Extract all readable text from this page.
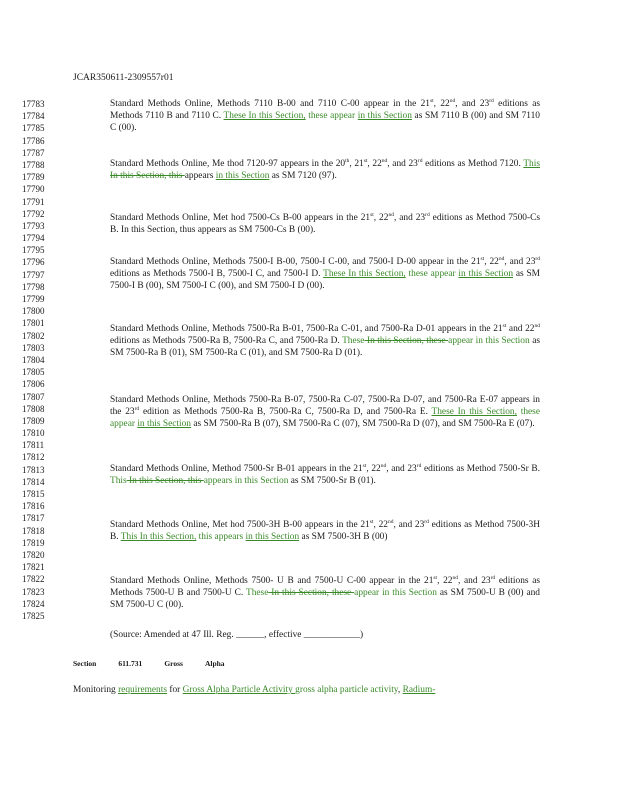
JCAR350611-2309557r01
17783
17784
17785
17786
17787
17788
17789
17790
17791
17792
17793
17794
17795
17796
17797
17798
17799
17800
17801
17802
17803
17804
17805
17806
17807
17808
17809
17810
17811
17812
17813
17814
17815
17816
17817
17818
17819
17820
17821
17822
17823
17824
17825
Standard Methods Online, Methods 7110 B-00 and 7110 C-00 appear in the 21st, 22nd, and 23rd editions as Methods 7110 B and 7110 C. These In this Section, these appear in this Section as SM 7110 B (00) and SM 7110 C (00).
Standard Methods Online, Me thod 7120-97 appears in the 20th, 21st, 22nd, and 23rd editions as Method 7120. This In this Section, this appears in this Section as SM 7120 (97).
Standard Methods Online, Met hod 7500-Cs B-00 appears in the 21st, 22nd, and 23rd editions as Method 7500-Cs B. In this Section, thus appears as SM 7500-Cs B (00).
Standard Methods Online, Methods 7500-I B-00, 7500-I C-00, and 7500-I D-00 appear in the 21st, 22nd, and 23rd editions as Methods 7500-I B, 7500-I C, and 7500-I D. These In this Section, these appear in this Section as SM 7500-I B (00), SM 7500-I C (00), and SM 7500-I D (00).
Standard Methods Online, Methods 7500-Ra B-01, 7500-Ra C-01, and 7500-Ra D-01 appears in the 21st and 22nd editions as Methods 7500-Ra B, 7500-Ra C, and 7500-Ra D. These In this Section, these appear in this Section as SM 7500-Ra B (01), SM 7500-Ra C (01), and SM 7500-Ra D (01).
Standard Methods Online, Methods 7500-Ra B-07, 7500-Ra C-07, 7500-Ra D-07, and 7500-Ra E-07 appears in the 23rd edition as Methods 7500-Ra B, 7500-Ra C, 7500-Ra D, and 7500-Ra E. These In this Section, these appear in this Section as SM 7500-Ra B (07), SM 7500-Ra C (07), SM 7500-Ra D (07), and SM 7500-Ra E (07).
Standard Methods Online, Method 7500-Sr B-01 appears in the 21st, 22nd, and 23rd editions as Method 7500-Sr B. This In this Section, this appears in this Section as SM 7500-Sr B (01).
Standard Methods Online, Met hod 7500-3H B-00 appears in the 21st, 22nd, and 23rd editions as Method 7500-3H B. This In this Section, this appears in this Section as SM 7500-3H B (00)
Standard Methods Online, Methods 7500- U B and 7500-U C-00 appear in the 21st, 22nd, and 23rd editions as Methods 7500-U B and 7500-U C. These In this Section, these appear in this Section as SM 7500-U B (00) and SM 7500-U C (00).
(Source: Amended at 47 Ill. Reg. ______, effective ____________)
Section	611.731	Gross	Alpha
Monitoring requirements for Gross Alpha Particle Activity gross alpha particle activity, Radium-
